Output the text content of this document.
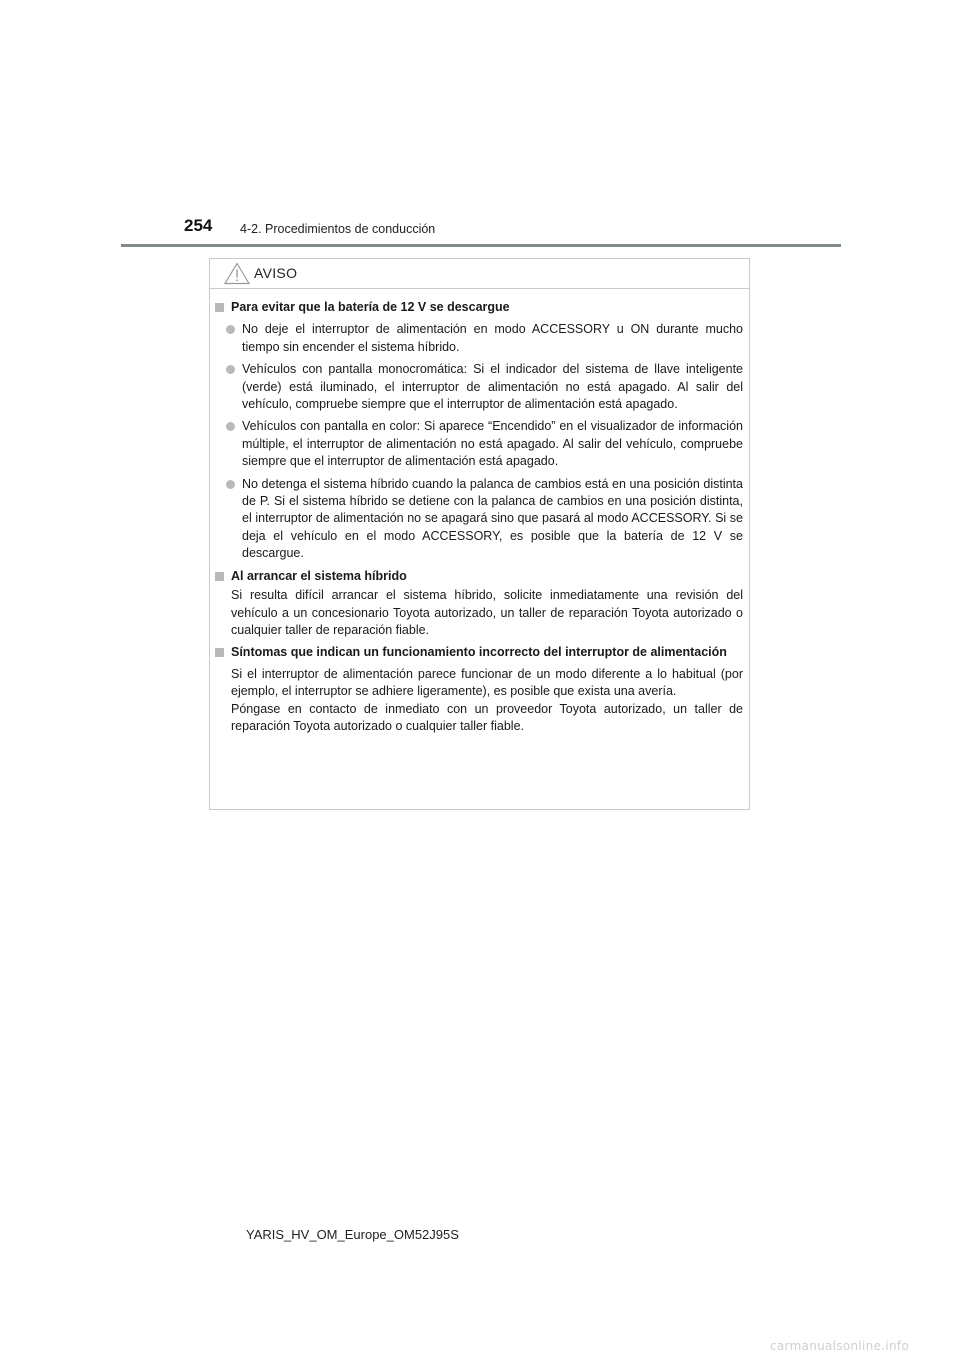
254 4-2. Procedimientos de conducción
AVISO
Para evitar que la batería de 12 V se descargue
No deje el interruptor de alimentación en modo ACCESSORY u ON durante mucho tiempo sin encender el sistema híbrido.
Vehículos con pantalla monocromática: Si el indicador del sistema de llave inteligente (verde) está iluminado, el interruptor de alimentación no está apagado. Al salir del vehículo, compruebe siempre que el interruptor de alimentación está apagado.
Vehículos con pantalla en color: Si aparece “Encendido” en el visualizador de información múltiple, el interruptor de alimentación no está apagado. Al salir del vehículo, compruebe siempre que el interruptor de alimentación está apagado.
No detenga el sistema híbrido cuando la palanca de cambios está en una posición distinta de P. Si el sistema híbrido se detiene con la palanca de cambios en una posición distinta, el interruptor de alimentación no se apagará sino que pasará al modo ACCESSORY. Si se deja el vehículo en el modo ACCESSORY, es posible que la batería de 12 V se descargue.
Al arrancar el sistema híbrido
Si resulta difícil arrancar el sistema híbrido, solicite inmediatamente una revisión del vehículo a un concesionario Toyota autorizado, un taller de reparación Toyota autorizado o cualquier taller de reparación fiable.
Síntomas que indican un funcionamiento incorrecto del interruptor de alimentación
Si el interruptor de alimentación parece funcionar de un modo diferente a lo habitual (por ejemplo, el interruptor se adhiere ligeramente), es posible que exista una avería.
Póngase en contacto de inmediato con un proveedor Toyota autorizado, un taller de reparación Toyota autorizado o cualquier taller fiable.
YARIS_HV_OM_Europe_OM52J95S
carmanualsonline.info
